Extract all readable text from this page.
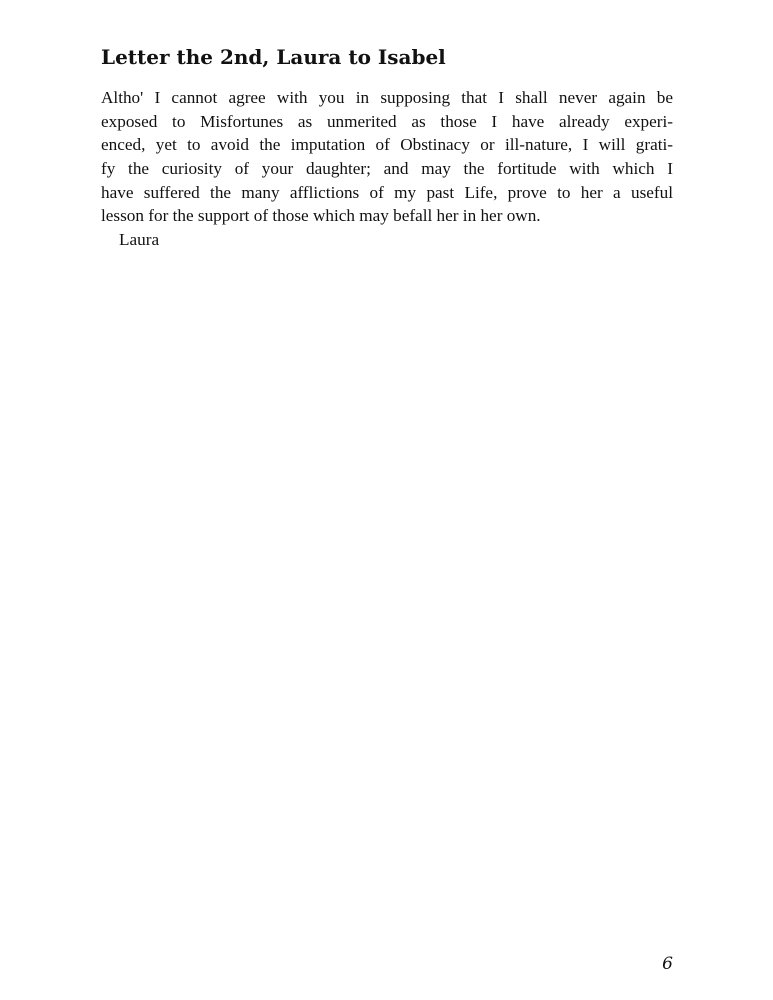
Letter the 2nd, Laura to Isabel
Altho' I cannot agree with you in supposing that I shall never again be
exposed to Misfortunes as unmerited as those I have already experi-
enced, yet to avoid the imputation of Obstinacy or ill-nature, I will grati-
fy the curiosity of your daughter; and may the fortitude with which I
have suffered the many afflictions of my past Life, prove to her a useful
lesson for the support of those which may befall her in her own.
Laura
6
